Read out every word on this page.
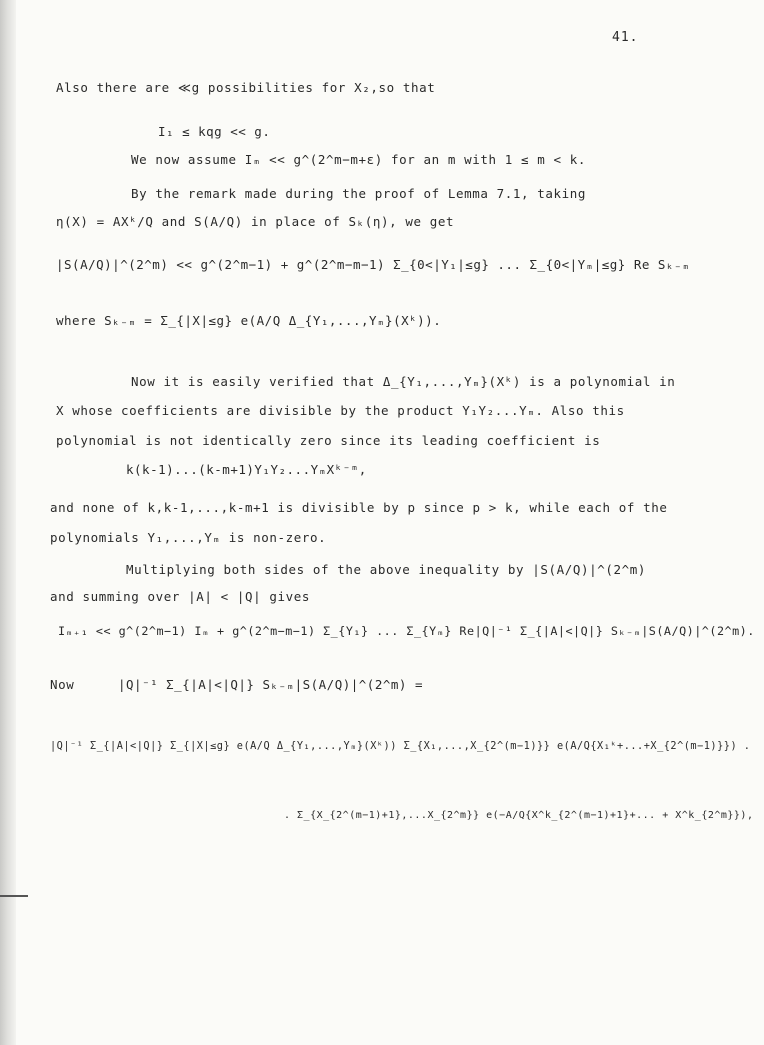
41.
Also there are ≪g possibilities for X₂,so that
I₁ ≤ kqg << g.
We now assume Iₘ << g^(2^m−m+ε) for an m with 1 ≤ m < k.
By the remark made during the proof of Lemma 7.1, taking
η(X) = AXᵏ/Q and S(A/Q) in place of Sₖ(η), we get
|S(A/Q)|^(2^m) << g^(2^m−1) + g^(2^m−m−1) Σ_{0<|Y₁|≤g} ... Σ_{0<|Yₘ|≤g} Re Sₖ₋ₘ
where Sₖ₋ₘ = Σ_{|X|≤g} e(A/Q Δ_{Y₁,...,Yₘ}(Xᵏ)).
Now it is easily verified that Δ_{Y₁,...,Yₘ}(Xᵏ) is a polynomial in
X whose coefficients are divisible by the product Y₁Y₂...Yₘ. Also this
polynomial is not identically zero since its leading coefficient is
k(k-1)...(k-m+1)Y₁Y₂...YₘXᵏ⁻ᵐ,
and none of k,k-1,...,k-m+1 is divisible by p since p > k, while each of the
polynomials Y₁,...,Yₘ is non-zero.
Multiplying both sides of the above inequality by |S(A/Q)|^(2^m)
and summing over |A| < |Q| gives
Iₘ₊₁ << g^(2^m−1) Iₘ + g^(2^m−m−1) Σ_{Y₁} ... Σ_{Yₘ} Re|Q|⁻¹ Σ_{|A|<|Q|} Sₖ₋ₘ|S(A/Q)|^(2^m).
Now	|Q|⁻¹ Σ_{|A|<|Q|} Sₖ₋ₘ|S(A/Q)|^(2^m) =
|Q|⁻¹ Σ_{|A|<|Q|} Σ_{|X|≤g} e(A/Q Δ_{Y₁,...,Yₘ}(Xᵏ)) Σ_{X₁,...,X_{2^(m−1)}} e(A/Q{X₁ᵏ+...+X_{2^(m−1)}}) .
. Σ_{X_{2^(m−1)+1},...X_{2^m}} e(−A/Q{X^k_{2^(m−1)+1}+... + X^k_{2^m}}),
